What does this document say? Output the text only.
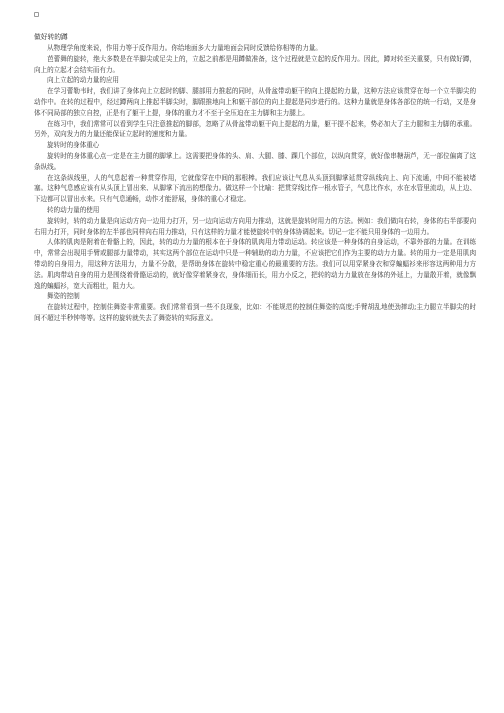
做好转的蹲

从物理学角度来说，作用力等于反作用力。你给地面多大力量地面会同时反馈给你相等的力量。

芭蕾舞的旋转，绝大多数是在半脚尖或足尖上的，立起之前都是用蹲做准备，这个过程就是立起的反作用力。因此，蹲对转至关重要，只有做好蹲，向上的立起才会结实而有力。

向上立起的动力量的应用

在学习蕾勒韦时，我们讲了身体向上立起时的脚、腿部用力推起的同时，从骨盆带动躯干的向上提起的力量，这种方法应该贯穿在每一个立半脚尖的动作中。在转的过程中，经过蹲两向上推起半脚尖时，脚跟推地向上和躯干部位的向上提起是同步进行的。这种力量就是身体各部位的统一行动，又是身体不同局部的独立自控，正是有了躯干上提，身体的重力才不至于全压迫在主力脚和主力腿上。

在练习中，我们常常可以看到学生只注意推起的脚部，忽略了从骨盆带动躯干向上提起的力量，躯干提不起来，势必加大了主力腿和主力脚的承重。另外，双向发力的力量还能保证立起时的速度和力量。

旋转时的身体重心

旋转时的身体重心点一定是在主力腿的脚掌上。这需要把身体的头、肩、大腿、膝、踝几个部位，以纵向贯穿，就好像串糖葫芦，无一部位偏离了这条纵线。

在这条纵线里，人的气息起着一种贯穿作用，它就像穿在中间的那根棒。我们应该让气息从头顶到脚掌延贯穿纵线向上、向下流通，中间不能被堵塞。这种气息感应该有从头顶上冒出来、从脚掌下流出的想像力。做这样一个比喻：把贯穿线比作一根水管子，气息比作水，水在水管里流动，从上边、下边都可以冒出水来。只有气息通畅，动作才能舒展，身体的重心才稳定。

转的动力量的使用

旋转时，转的动力量是向运动方向一边用力打开，另一边向运动方向用力推动，这就是旋转时用力的方法。例如：我们做向右转，身体的右半部要向右用力打开，同时身体的左半部也同样向右用力推动，只有这样的力量才能使旋转中的身体协调起来。切记一定不能只用身体的一边用力。

人体的肌肉是附着在骨骼上的，因此，转的动力力量的根本在于身体的肌肉用力带动运动。转应该是一种身体的自身运动，不靠外部的力量。在训练中，常常会出现用手臂或腿部力量带动，其实这两个部位在运动中只是一种辅助的动力力量，不应该把它们作为主要的动力力量。转的用力一定是用肌肉带动的自身用力，用这种方法用力，力量不分散，是帮助身体在旋转中稳定重心的最重要的方法。我们可以用穿紧身衣和穿蝙蝠衫来形容这两种用力方法。肌肉带动自身的用力是围绕着骨骼运动的，就好像穿着紧身衣，身体细而长，用力小反之，把转的动力力量放在身体的外延上，力量散开着，就像飘逸的蝙蝠衫，宽大而粗壮，阻力大。

舞姿的控制

在旋转过程中，控制住舞姿非常重要。我们常常看到一些不良现象，比如：不能规范的控制住舞姿的高度;手臂胡乱地使劲摔动;主力腿立半脚尖的时间不超过半秒钟等等。这样的旋转就失去了舞姿转的实际意义。
